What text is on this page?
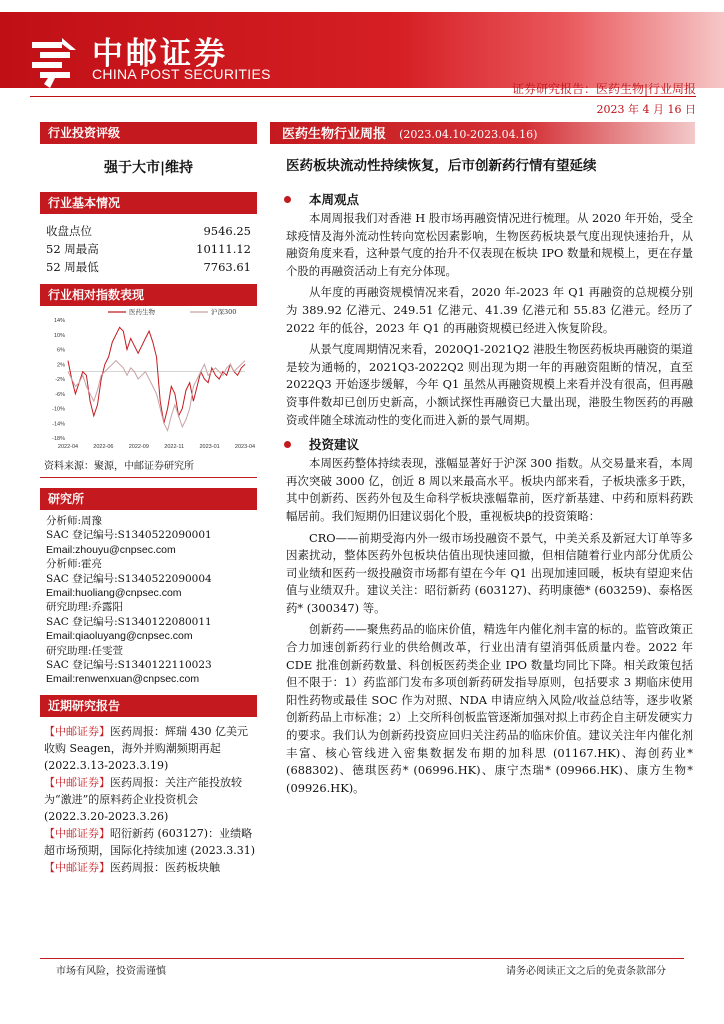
中邮证券
CHINA POST SECURITIES
证券研究报告：医药生物|行业周报
2023 年 4 月 16 日
行业投资评级
强于大市|维持
行业基本情况
收盘点位	9546.25
52 周最高	10111.12
52 周最低	7763.61
行业相对指数表现
14%
10%
6%
2%
-2%
-6%
-10%
-14%
-18%
2022-04	2022-06	2022-09	2022-11	2023-01	2023-04
医药生物	沪深300
资料来源：聚源，中邮证券研究所
研究所
分析师:周豫
SAC 登记编号:S1340522090001
Email:zhouyu@cnpsec.com
分析师:霍亮
SAC 登记编号:S1340522090004
Email:huoliang@cnpsec.com
研究助理:乔露阳
SAC 登记编号:S1340122080011
Email:qiaoluyang@cnpsec.com
研究助理:任雯萱
SAC 登记编号:S1340122110023
Email:renwenxuan@cnpsec.com
近期研究报告
【中邮证券】医药周报：辉瑞 430 亿美元收购 Seagen，海外并购潮频期再起 (2022.3.13-2023.3.19)
【中邮证券】医药周报：关注产能投放较为“激进”的原料药企业投资机会 (2022.3.20-2023.3.26)
【中邮证券】昭衍新药 (603127)：业绩略超市场预期，国际化持续加速 (2023.3.31)
【中邮证券】医药周报：医药板块触
医药生物行业周报 (2023.04.10-2023.04.16)
医药板块流动性持续恢复，后市创新药行情有望延续
本周观点

本周周报我们对香港 H 股市场再融资情况进行梳理。从 2020 年开始，受全球疫情及海外流动性转向宽松因素影响，生物医药板块景气度出现快速抬升，从融资角度来看，这种景气度的抬升不仅表现在板块 IPO 数量和规模上，更在存量个股的再融资活动上有充分体现。

从年度的再融资规模情况来看，2020 年-2023 年 Q1 再融资的总规模分别为 389.92 亿港元、249.51 亿港元、41.39 亿港元和 55.83 亿港元。经历了 2022 年的低谷，2023 年 Q1 的再融资规模已经进入恢复阶段。

从景气度周期情况来看，2020Q1-2021Q2 港股生物医药板块再融资的渠道是较为通畅的，2021Q3-2022Q2 则出现为期一年的再融资阻断的情况，直至 2022Q3 开始逐步缓解，今年 Q1 虽然从再融资规模上来看并没有很高，但再融资事件数却已创历史新高，小额试探性再融资已大量出现，港股生物医药的再融资或伴随全球流动性的变化而进入新的景气周期。

投资建议

本周医药整体持续表现，涨幅显著好于沪深 300 指数。从交易量来看，本周再次突破 3000 亿，创近 8 周以来最高水平。板块内部来看，子板块涨多于跌，其中创新药、医药外包及生命科学板块涨幅靠前，医疗新基建、中药和原料药跌幅居前。我们短期仍旧建议弱化个股，重视板块β的投资策略：

CRO——前期受海内外一级市场投融资不景气，中美关系及新冠大订单等多因素扰动，整体医药外包板块估值出现快速回撤，但相信随着行业内部分优质公司业绩和医药一级投融资市场都有望在今年 Q1 出现加速回暖，板块有望迎来估值与业绩双升。建议关注：昭衍新药 (603127)、药明康德* (603259)、泰格医药* (300347) 等。

创新药——聚焦药品的临床价值，精选年内催化剂丰富的标的。监管政策正合力加速创新药行业的供给侧改革，行业出清有望消弭低质量内卷。2022 年 CDE 批准创新药数量、科创板医药类企业 IPO 数量均同比下降。相关政策包括但不限于：1）药监部门发布多项创新药研发指导原则，包括要求 3 期临床使用阳性药物或最佳 SOC 作为对照、NDA 申请应纳入风险/收益总结等，逐步收紧创新药品上市标准；2）上交所科创板监管逐渐加强对拟上市药企自主研发硬实力的要求。我们认为创新药投资应回归关注药品的临床价值。建议关注年内催化剂丰富、核心管线进入密集数据发布期的加科思 (01167.HK)、海创药业* (688302)、德琪医药* (06996.HK)、康宁杰瑞* (09966.HK)、康方生物* (09926.HK)。

市场有风险，投资需谨慎	请务必阅读正文之后的免责条款部分
